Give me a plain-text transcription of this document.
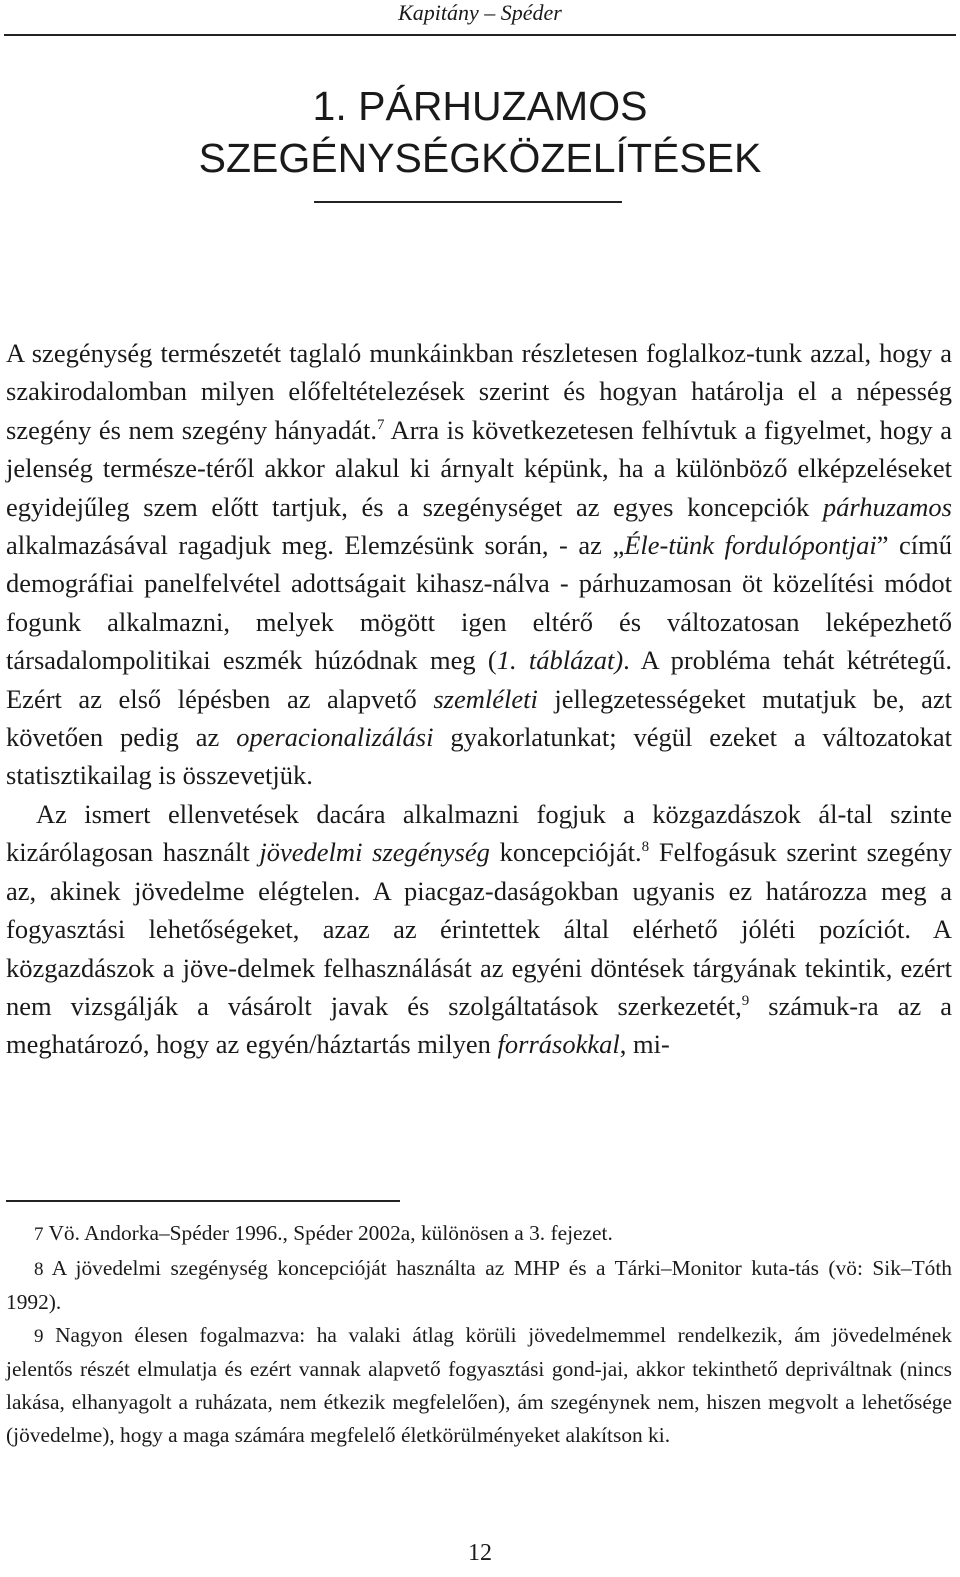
Kapitány – Spéder
1. PÁRHUZAMOS
SZEGÉNYSÉGKÖZELÍTÉSEK

A szegénység természetét taglaló munkáinkban részletesen foglalkoz-tunk azzal, hogy a szakirodalomban milyen előfeltételezések szerint és hogyan határolja el a népesség szegény és nem szegény hányadát.$^7$ Arra is következetesen felhívtuk a figyelmet, hogy a jelenség természe-téről akkor alakul ki árnyalt képünk, ha a különböző elképzeléseket egyidejűleg szem előtt tartjuk, és a szegénységet az egyes koncepciók párhuzamos alkalmazásával ragadjuk meg. Elemzésünk során, - az „Éle-tünk fordulópontjai” című demográfiai panelfelvétel adottságait kihasz-nálva - párhuzamosan öt közelítési módot fogunk alkalmazni, melyek mögött igen eltérő és változatosan leképezhető társadalompolitikai eszmék húzódnak meg (1. táblázat). A probléma tehát kétrétegű. Ezért az első lépésben az alapvető szemléleti jellegzetességeket mutatjuk be, azt követően pedig az operacionalizálási gyakorlatunkat; végül ezeket a változatokat statisztikailag is összevetjük.

Az ismert ellenvetések dacára alkalmazni fogjuk a közgazdászok ál-tal szinte kizárólagosan használt jövedelmi szegénység koncepcióját.$^8$ Felfogásuk szerint szegény az, akinek jövedelme elégtelen. A piacgaz-daságokban ugyanis ez határozza meg a fogyasztási lehetőségeket, azaz az érintettek által elérhető jóléti pozíciót. A közgazdászok a jöve-delmek felhasználását az egyéni döntések tárgyának tekintik, ezért nem vizsgálják a vásárolt javak és szolgáltatások szerkezetét,$^9$ számuk-ra az a meghatározó, hogy az egyén/háztartás milyen forrásokkal, mi-

7 Vö. Andorka–Spéder 1996., Spéder 2002a, különösen a 3. fejezet.

8 A jövedelmi szegénység koncepcióját használta az MHP és a Tárki–Monitor kuta-tás (vö: Sik–Tóth 1992).

9 Nagyon élesen fogalmazva: ha valaki átlag körüli jövedelmemmel rendelkezik, ám jövedelmének jelentős részét elmulatja és ezért vannak alapvető fogyasztási gond-jai, akkor tekinthető depriváltnak (nincs lakása, elhanyagolt a ruházata, nem étkezik megfelelően), ám szegénynek nem, hiszen megvolt a lehetősége (jövedelme), hogy a maga számára megfelelő életkörülményeket alakítson ki.

12
